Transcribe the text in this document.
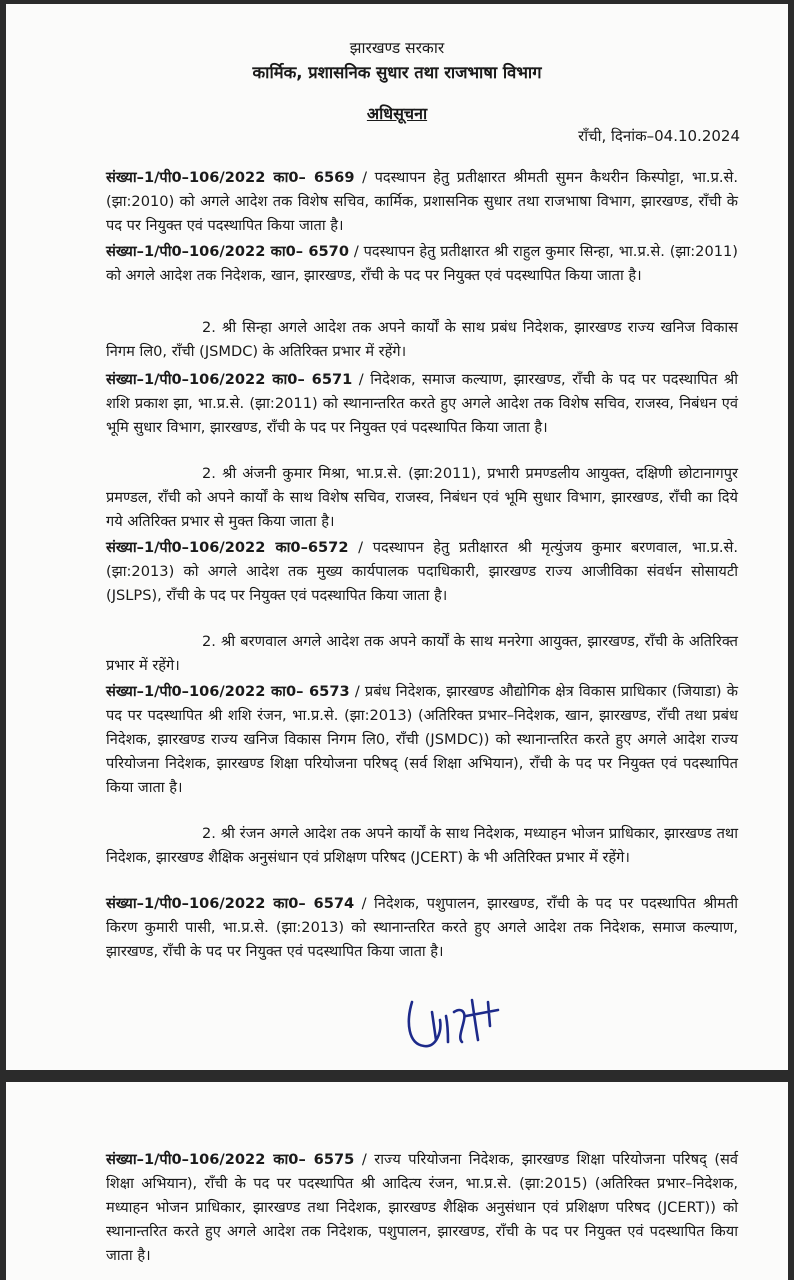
झारखण्ड सरकार
कार्मिक, प्रशासनिक सुधार तथा राजभाषा विभाग
अधिसूचना
राँची, दिनांक–04.10.2024

संख्या–1/पी0–106/2022 का0– 6569 / पदस्थापन हेतु प्रतीक्षारत श्रीमती सुमन कैथरीन किस्पोट्टा, भा.प्र.से. (झा:2010) को अगले आदेश तक विशेष सचिव, कार्मिक, प्रशासनिक सुधार तथा राजभाषा विभाग, झारखण्ड, राँची के पद पर नियुक्त एवं पदस्थापित किया जाता है।

संख्या–1/पी0–106/2022 का0– 6570 / पदस्थापन हेतु प्रतीक्षारत श्री राहुल कुमार सिन्हा, भा.प्र.से. (झा:2011) को अगले आदेश तक निदेशक, खान, झारखण्ड, राँची के पद पर नियुक्त एवं पदस्थापित किया जाता है।

2. श्री सिन्हा अगले आदेश तक अपने कार्यों के साथ प्रबंध निदेशक, झारखण्ड राज्य खनिज विकास निगम लि0, राँची (JSMDC) के अतिरिक्त प्रभार में रहेंगे।

संख्या–1/पी0–106/2022 का0– 6571 / निदेशक, समाज कल्याण, झारखण्ड, राँची के पद पर पदस्थापित श्री शशि प्रकाश झा, भा.प्र.से. (झा:2011) को स्थानान्तरित करते हुए अगले आदेश तक विशेष सचिव, राजस्व, निबंधन एवं भूमि सुधार विभाग, झारखण्ड, राँची के पद पर नियुक्त एवं पदस्थापित किया जाता है।

2. श्री अंजनी कुमार मिश्रा, भा.प्र.से. (झा:2011), प्रभारी प्रमण्डलीय आयुक्त, दक्षिणी छोटानागपुर प्रमण्डल, राँची को अपने कार्यों के साथ विशेष सचिव, राजस्व, निबंधन एवं भूमि सुधार विभाग, झारखण्ड, राँची का दिये गये अतिरिक्त प्रभार से मुक्त किया जाता है।

संख्या–1/पी0–106/2022 का0–6572 / पदस्थापन हेतु प्रतीक्षारत श्री मृत्युंजय कुमार बरणवाल, भा.प्र.से. (झा:2013) को अगले आदेश तक मुख्य कार्यपालक पदाधिकारी, झारखण्ड राज्य आजीविका संवर्धन सोसायटी (JSLPS), राँची के पद पर नियुक्त एवं पदस्थापित किया जाता है।

2. श्री बरणवाल अगले आदेश तक अपने कार्यों के साथ मनरेगा आयुक्त, झारखण्ड, राँची के अतिरिक्त प्रभार में रहेंगे।

संख्या–1/पी0–106/2022 का0– 6573 / प्रबंध निदेशक, झारखण्ड औद्योगिक क्षेत्र विकास प्राधिकार (जियाडा) के पद पर पदस्थापित श्री शशि रंजन, भा.प्र.से. (झा:2013) (अतिरिक्त प्रभार–निदेशक, खान, झारखण्ड, राँची तथा प्रबंध निदेशक, झारखण्ड राज्य खनिज विकास निगम लि0, राँची (JSMDC)) को स्थानान्तरित करते हुए अगले आदेश राज्य परियोजना निदेशक, झारखण्ड शिक्षा परियोजना परिषद् (सर्व शिक्षा अभियान), राँची के पद पर नियुक्त एवं पदस्थापित किया जाता है।

2. श्री रंजन अगले आदेश तक अपने कार्यों के साथ निदेशक, मध्याहन भोजन प्राधिकार, झारखण्ड तथा निदेशक, झारखण्ड शैक्षिक अनुसंधान एवं प्रशिक्षण परिषद (JCERT) के भी अतिरिक्त प्रभार में रहेंगे।

संख्या–1/पी0–106/2022 का0– 6574 / निदेशक, पशुपालन, झारखण्ड, राँची के पद पर पदस्थापित श्रीमती किरण कुमारी पासी, भा.प्र.से. (झा:2013) को स्थानान्तरित करते हुए अगले आदेश तक निदेशक, समाज कल्याण, झारखण्ड, राँची के पद पर नियुक्त एवं पदस्थापित किया जाता है।

संख्या–1/पी0–106/2022 का0– 6575 / राज्य परियोजना निदेशक, झारखण्ड शिक्षा परियोजना परिषद् (सर्व शिक्षा अभियान), राँची के पद पर पदस्थापित श्री आदित्य रंजन, भा.प्र.से. (झा:2015) (अतिरिक्त प्रभार–निदेशक, मध्याहन भोजन प्राधिकार, झारखण्ड तथा निदेशक, झारखण्ड शैक्षिक अनुसंधान एवं प्रशिक्षण परिषद (JCERT)) को स्थानान्तरित करते हुए अगले आदेश तक निदेशक, पशुपालन, झारखण्ड, राँची के पद पर नियुक्त एवं पदस्थापित किया जाता है।
